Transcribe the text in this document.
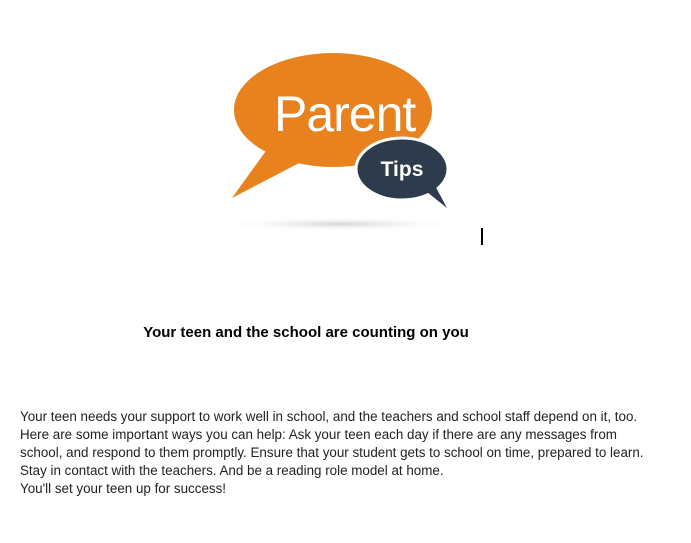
Parent
Tips
Your teen and the school are counting on you

Your teen needs your support to work well in school, and the teachers and school staff depend on it, too. Here are some important ways you can help: Ask your teen each day if there are any messages from school, and respond to them promptly. Ensure that your student gets to school on time, prepared to learn. Stay in contact with the teachers. And be a reading role model at home.

You'll set your teen up for success!
